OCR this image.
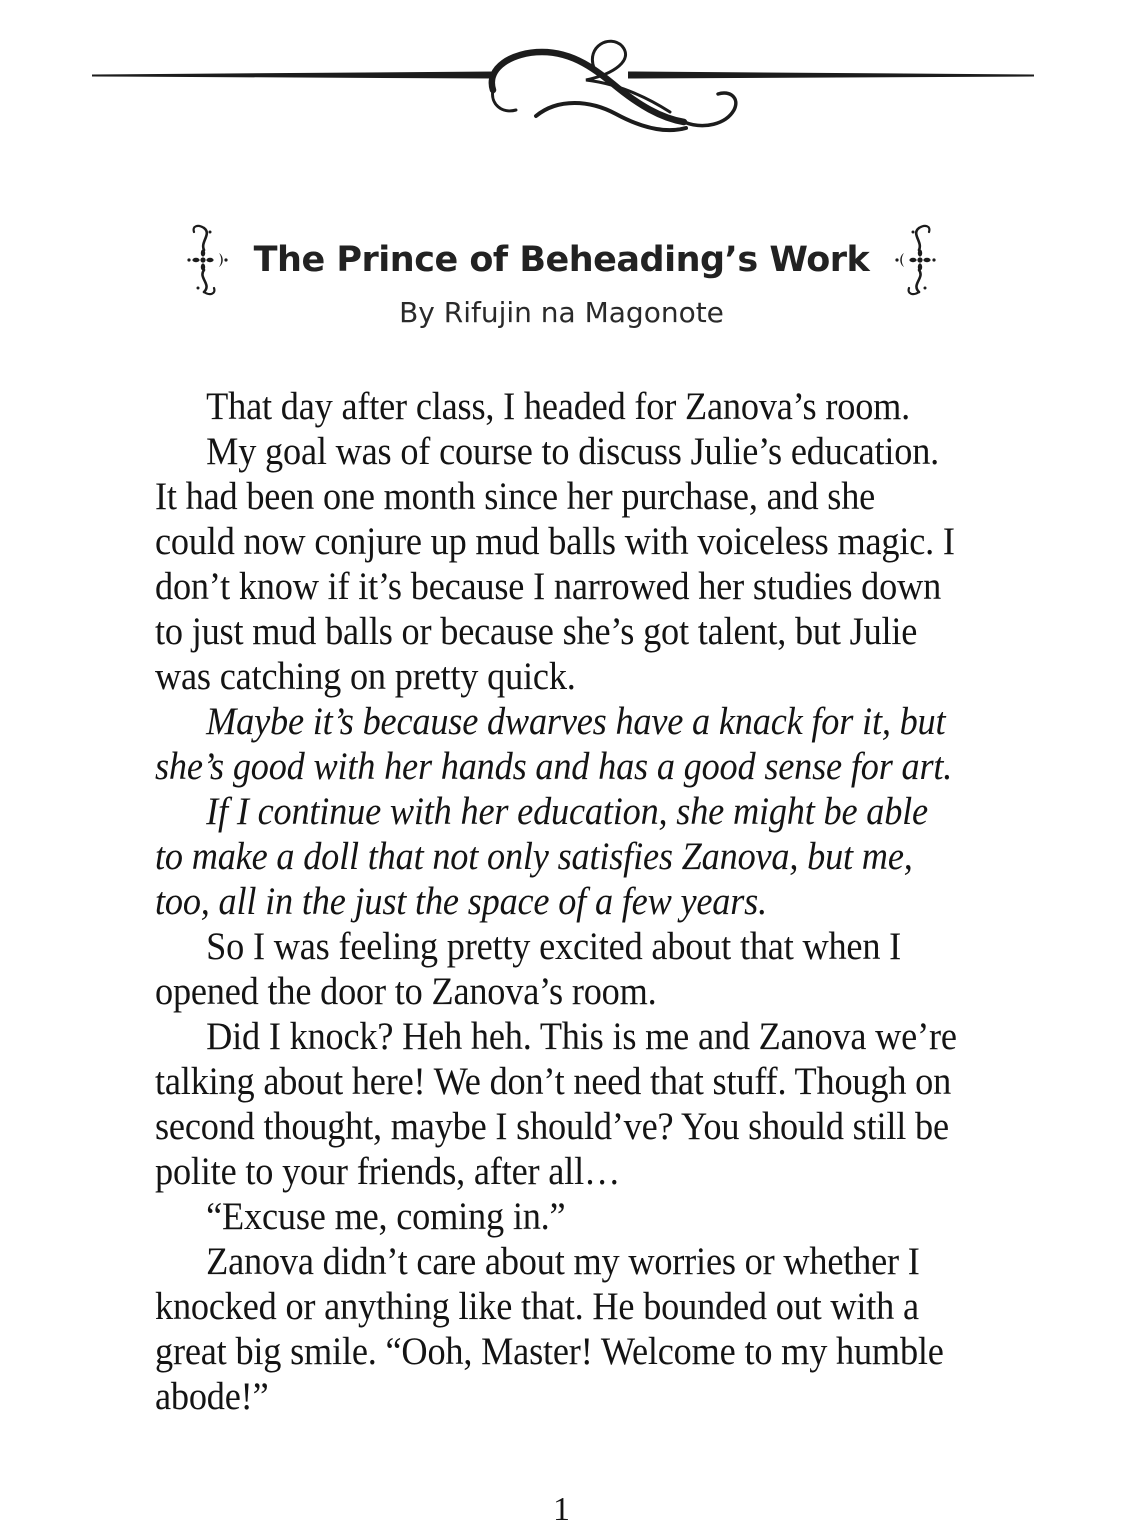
The Prince of Beheading’s Work
By Rifujin na Magonote
That day after class, I headed for Zanova’s room.
My goal was of course to discuss Julie’s education.
It had been one month since her purchase, and she
could now conjure up mud balls with voiceless magic. I
don’t know if it’s because I narrowed her studies down
to just mud balls or because she’s got talent, but Julie
was catching on pretty quick.
Maybe it’s because dwarves have a knack for it, but
she’s good with her hands and has a good sense for art.
If I continue with her education, she might be able
to make a doll that not only satisfies Zanova, but me,
too, all in the just the space of a few years.
So I was feeling pretty excited about that when I
opened the door to Zanova’s room.
Did I knock? Heh heh. This is me and Zanova we’re
talking about here! We don’t need that stuff. Though on
second thought, maybe I should’ve? You should still be
polite to your friends, after all…
“Excuse me, coming in.”
Zanova didn’t care about my worries or whether I
knocked or anything like that. He bounded out with a
great big smile. “Ooh, Master! Welcome to my humble
abode!”
1
